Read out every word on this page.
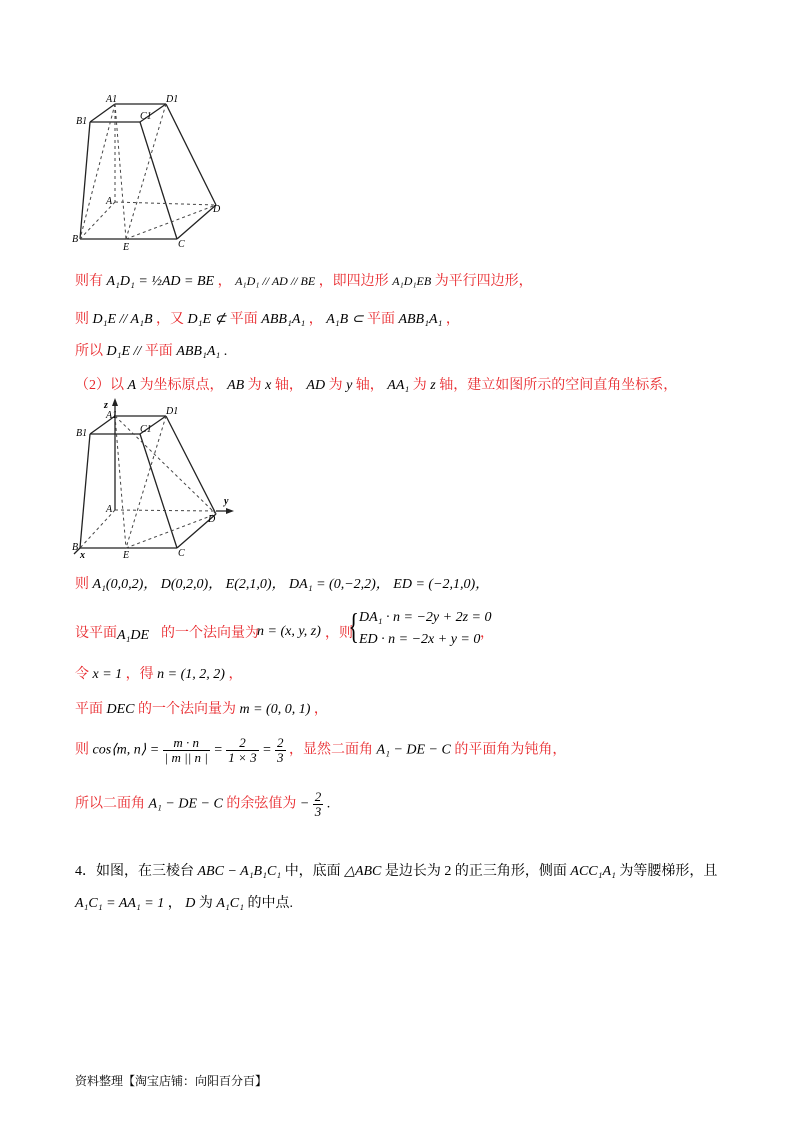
A1	D1
B1	C1
A
D
B
E	C
则有 A₁D₁ = ½AD = BE ， A₁D₁ // AD // BE ，即四边形 A₁D₁EB 为平行四边形，
则 D₁E // A₁B ，又 D₁E ⊄ 平面 ABB₁A₁ ， A₁B ⊂ 平面 ABB₁A₁ ，
所以 D₁E // 平面 ABB₁A₁ .
（2）以 A 为坐标原点， AB 为 x 轴， AD 为 y 轴， AA₁ 为 z 轴，建立如图所示的空间直角坐标系，
z
A1	D1
B1	C1
A
D
y
B
x	E	C
则 A₁(0,0,2)， D(0,2,0)， E(2,1,0)， DA₁ = (0,−2,2)， ED = (−2,1,0)，
设平面 A₁DE 的一个法向量为
n = (x, y, z) ，则
{ DA₁ · n = −2y + 2z = 0
ED · n = −2x + y = 0 ，
令 x = 1 ，得 n = (1, 2, 2) ，
平面 DEC 的一个法向量为 m = (0, 0, 1) ，
则 cos⟨m, n⟩ = $\frac{m \cdot n}{| m || n |} = \frac{2}{1 \times 3} = \frac{2}{3}$ ，显然二面角 A₁ − DE − C 的平面角为钝角，
所以二面角 A₁ − DE − C 的余弦值为 − $\frac{2}{3}$ .
4．如图，在三棱台 ABC − A₁B₁C₁ 中，底面 △ABC 是边长为 2 的正三角形，侧面 ACC₁A₁ 为等腰梯形，且
A₁C₁ = AA₁ = 1 ， D 为 A₁C₁ 的中点.
资料整理【淘宝店铺：向阳百分百】
